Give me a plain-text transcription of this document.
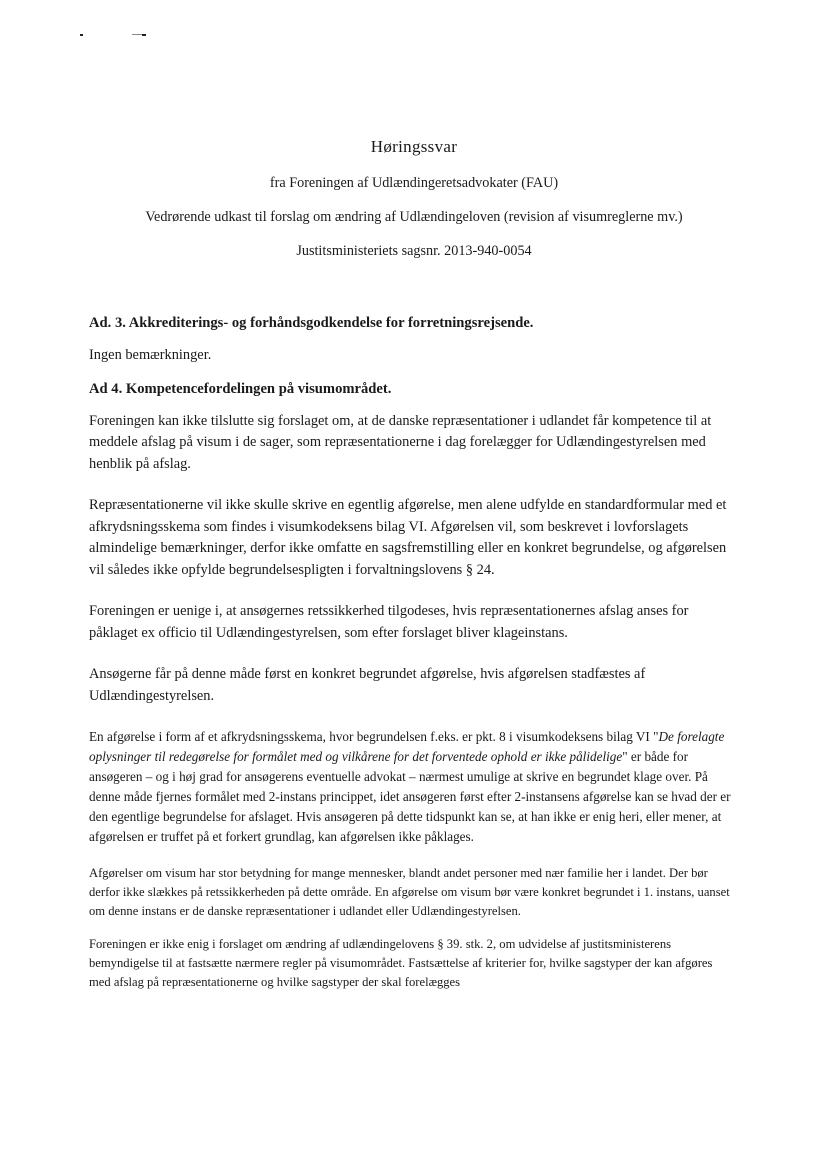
Høringssvar
fra Foreningen af Udlændingeretsadvokater (FAU)
Vedrørende udkast til forslag om ændring af Udlændingeloven (revision af visumreglerne mv.)
Justitsministeriets sagsnr. 2013-940-0054

Ad. 3. Akkrediterings- og forhåndsgodkendelse for forretningsrejsende.

Ingen bemærkninger.

Ad 4. Kompetencefordelingen på visumområdet.

Foreningen kan ikke tilslutte sig forslaget om, at de danske repræsentationer i udlandet får kompetence til at meddele afslag på visum i de sager, som repræsentationerne i dag forelægger for Udlændingestyrelsen med henblik på afslag.

Repræsentationerne vil ikke skulle skrive en egentlig afgørelse, men alene udfylde en standardformular med et afkrydsningsskema som findes i visumkodeksens bilag VI. Afgørelsen vil, som beskrevet i lovforslagets almindelige bemærkninger, derfor ikke omfatte en sagsfremstilling eller en konkret begrundelse, og afgørelsen vil således ikke opfylde begrundelsespligten i forvaltningslovens § 24.

Foreningen er uenige i, at ansøgernes retssikkerhed tilgodeses, hvis repræsentationernes afslag anses for påklaget ex officio til Udlændingestyrelsen, som efter forslaget bliver klageinstans.

Ansøgerne får på denne måde først en konkret begrundet afgørelse, hvis afgørelsen stadfæstes af Udlændingestyrelsen.

En afgørelse i form af et afkrydsningsskema, hvor begrundelsen f.eks. er pkt. 8 i visumkodeksens bilag VI "De forelagte oplysninger til redegørelse for formålet med og vilkårene for det forventede ophold er ikke pålidelige" er både for ansøgeren – og i høj grad for ansøgerens eventuelle advokat – nærmest umulige at skrive en begrundet klage over. På denne måde fjernes formålet med 2-instans princippet, idet ansøgeren først efter 2-instansens afgørelse kan se hvad der er den egentlige begrundelse for afslaget. Hvis ansøgeren på dette tidspunkt kan se, at han ikke er enig heri, eller mener, at afgørelsen er truffet på et forkert grundlag, kan afgørelsen ikke påklages.

Afgørelser om visum har stor betydning for mange mennesker, blandt andet personer med nær familie her i landet. Der bør derfor ikke slækkes på retssikkerheden på dette område. En afgørelse om visum bør være konkret begrundet i 1. instans, uanset om denne instans er de danske repræsentationer i udlandet eller Udlændingestyrelsen.

Foreningen er ikke enig i forslaget om ændring af udlændingelovens § 39. stk. 2, om udvidelse af justitsministerens bemyndigelse til at fastsætte nærmere regler på visumområdet. Fastsættelse af kriterier for, hvilke sagstyper der kan afgøres med afslag på repræsentationerne og hvilke sagstyper der skal forelægges
